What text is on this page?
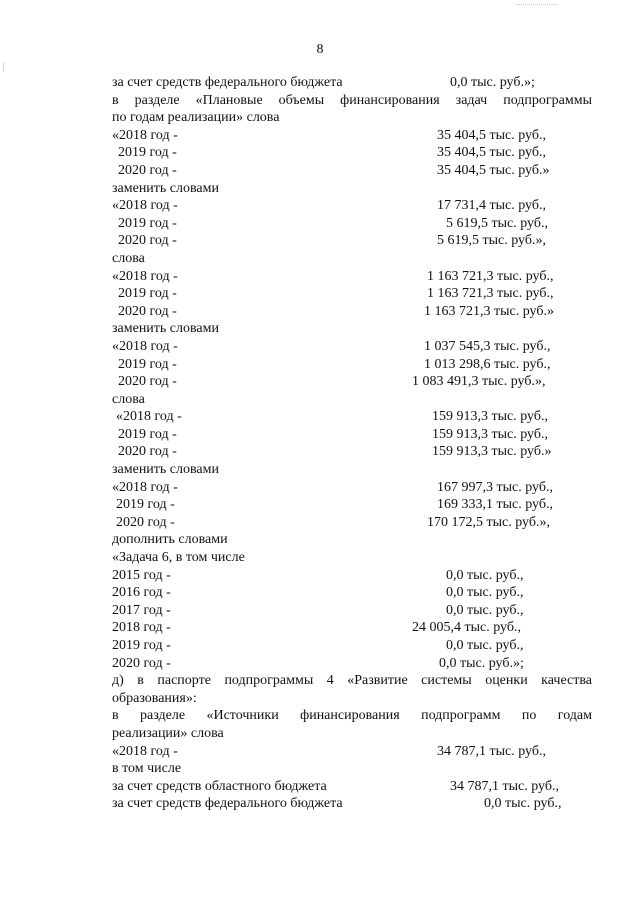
8
за счет средств федерального бюджета	0,0 тыс. руб.»;
в разделе «Плановые объемы финансирования задач подпрограммы
по годам реализации» слова
«2018 год -	35 404,5 тыс. руб.,
2019 год -	35 404,5 тыс. руб.,
2020 год -	35 404,5 тыс. руб.»
заменить словами
«2018 год -	17 731,4 тыс. руб.,
2019 год -	5 619,5 тыс. руб.,
2020 год -	5 619,5 тыс. руб.»,
слова
«2018 год -	1 163 721,3 тыс. руб.,
2019 год -	1 163 721,3 тыс. руб.,
2020 год -	1 163 721,3 тыс. руб.»
заменить словами
«2018 год -	1 037 545,3 тыс. руб.,
2019 год -	1 013 298,6 тыс. руб.,
2020 год -	1 083 491,3 тыс. руб.»,
слова
«2018 год -	159 913,3 тыс. руб.,
2019 год -	159 913,3 тыс. руб.,
2020 год -	159 913,3 тыс. руб.»
заменить словами
«2018 год -	167 997,3 тыс. руб.,
2019 год -	169 333,1 тыс. руб.,
2020 год -	170 172,5 тыс. руб.»,
дополнить словами
«Задача 6, в том числе
2015 год -	0,0 тыс. руб.,
2016 год -	0,0 тыс. руб.,
2017 год -	0,0 тыс. руб.,
2018 год -	24 005,4 тыс. руб.,
2019 год -	0,0 тыс. руб.,
2020 год -	0,0 тыс. руб.»;
д) в паспорте подпрограммы 4 «Развитие системы оценки качества
образования»:
в разделе «Источники финансирования подпрограмм по годам
реализации» слова
«2018 год -	34 787,1 тыс. руб.,
в том числе
за счет средств областного бюджета	34 787,1 тыс. руб.,
за счет средств федерального бюджета	0,0 тыс. руб.,
